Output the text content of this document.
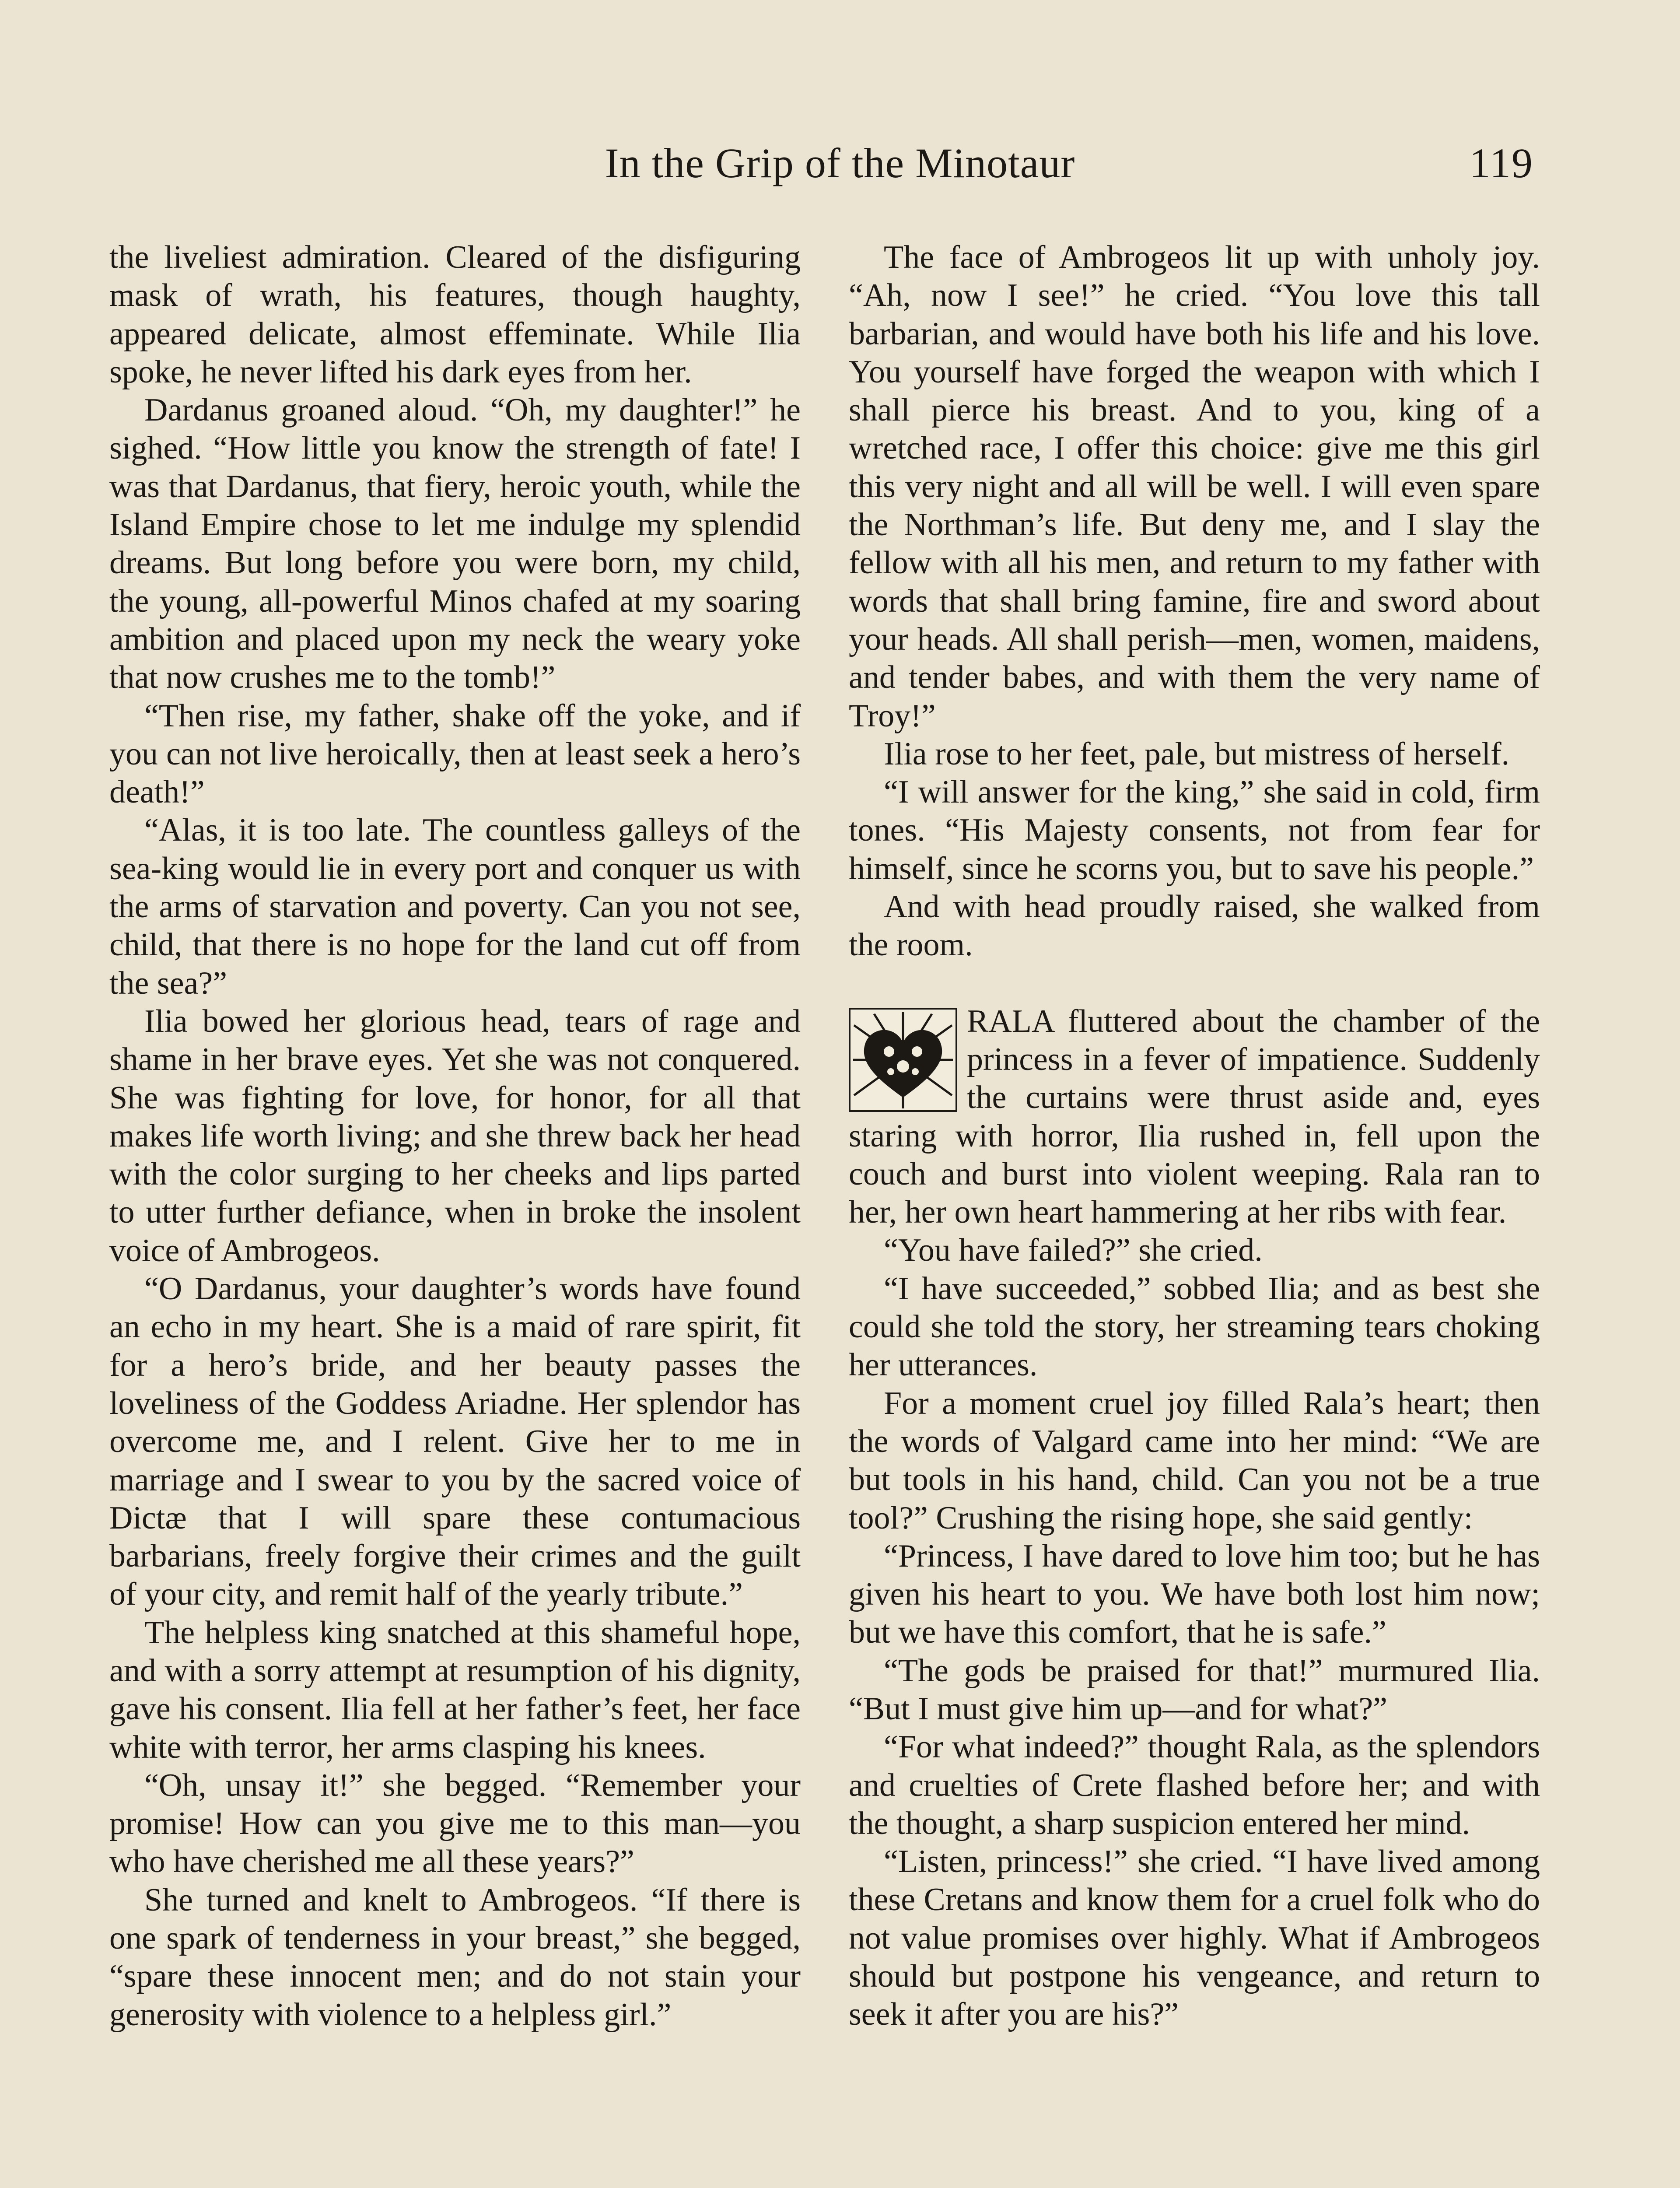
In the Grip of the Minotaur	119

the liveliest admiration. Cleared of the disfiguring mask of wrath, his features, though haughty, appeared delicate, almost effeminate. While Ilia spoke, he never lifted his dark eyes from her.

Dardanus groaned aloud. “Oh, my daughter!” he sighed. “How little you know the strength of fate! I was that Dardanus, that fiery, heroic youth, while the Island Empire chose to let me indulge my splendid dreams. But long before you were born, my child, the young, all-powerful Minos chafed at my soaring ambition and placed upon my neck the weary yoke that now crushes me to the tomb!”

“Then rise, my father, shake off the yoke, and if you can not live heroically, then at least seek a hero’s death!”

“Alas, it is too late. The countless galleys of the sea-king would lie in every port and conquer us with the arms of starvation and poverty. Can you not see, child, that there is no hope for the land cut off from the sea?”

Ilia bowed her glorious head, tears of rage and shame in her brave eyes. Yet she was not conquered. She was fighting for love, for honor, for all that makes life worth living; and she threw back her head with the color surging to her cheeks and lips parted to utter further defiance, when in broke the insolent voice of Ambrogeos.

“O Dardanus, your daughter’s words have found an echo in my heart. She is a maid of rare spirit, fit for a hero’s bride, and her beauty passes the loveliness of the Goddess Ariadne. Her splendor has overcome me, and I relent. Give her to me in marriage and I swear to you by the sacred voice of Dictæ that I will spare these contumacious barbarians, freely forgive their crimes and the guilt of your city, and remit half of the yearly tribute.”

The helpless king snatched at this shameful hope, and with a sorry attempt at resumption of his dignity, gave his consent. Ilia fell at her father’s feet, her face white with terror, her arms clasping his knees.

“Oh, unsay it!” she begged. “Remember your promise! How can you give me to this man—you who have cherished me all these years?”

She turned and knelt to Ambrogeos. “If there is one spark of tenderness in your breast,” she begged, “spare these innocent men; and do not stain your generosity with violence to a helpless girl.”

The face of Ambrogeos lit up with unholy joy. “Ah, now I see!” he cried. “You love this tall barbarian, and would have both his life and his love. You yourself have forged the weapon with which I shall pierce his breast. And to you, king of a wretched race, I offer this choice: give me this girl this very night and all will be well. I will even spare the Northman’s life. But deny me, and I slay the fellow with all his men, and return to my father with words that shall bring famine, fire and sword about your heads. All shall perish—men, women, maidens, and tender babes, and with them the very name of Troy!”

Ilia rose to her feet, pale, but mistress of herself.

“I will answer for the king,” she said in cold, firm tones. “His Majesty consents, not from fear for himself, since he scorns you, but to save his people.”

And with head proudly raised, she walked from the room.

RALA fluttered about the chamber of the princess in a fever of impatience. Suddenly the curtains were thrust aside and, eyes staring with horror, Ilia rushed in, fell upon the couch and burst into violent weeping. Rala ran to her, her own heart hammering at her ribs with fear.

“You have failed?” she cried.

“I have succeeded,” sobbed Ilia; and as best she could she told the story, her streaming tears choking her utterances.

For a moment cruel joy filled Rala’s heart; then the words of Valgard came into her mind: “We are but tools in his hand, child. Can you not be a true tool?” Crushing the rising hope, she said gently:

“Princess, I have dared to love him too; but he has given his heart to you. We have both lost him now; but we have this comfort, that he is safe.”

“The gods be praised for that!” murmured Ilia. “But I must give him up—and for what?”

“For what indeed?” thought Rala, as the splendors and cruelties of Crete flashed before her; and with the thought, a sharp suspicion entered her mind.

“Listen, princess!” she cried. “I have lived among these Cretans and know them for a cruel folk who do not value promises over highly. What if Ambrogeos should but postpone his vengeance, and return to seek it after you are his?”
